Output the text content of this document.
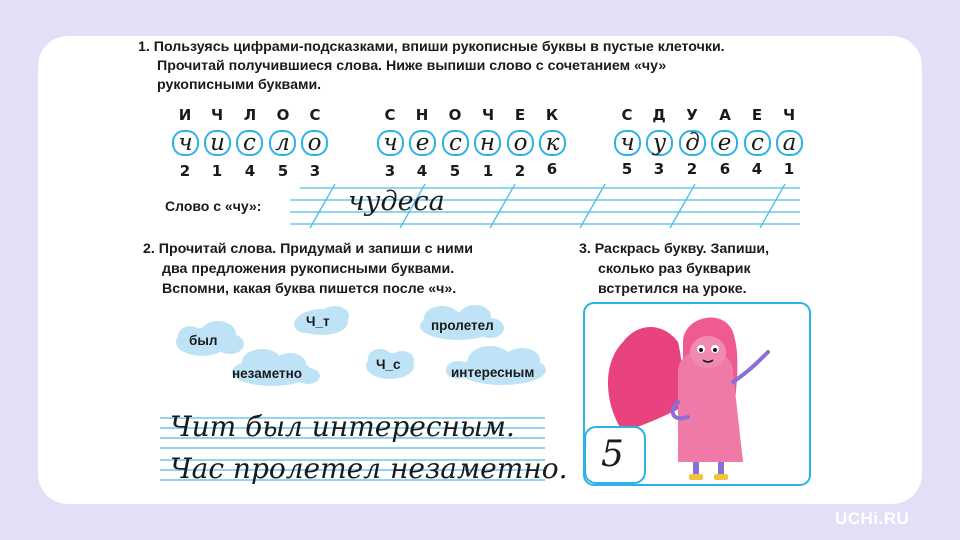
1. Пользуясь цифрами-подсказками, впиши рукописные буквы в пустые клеточки.
Прочитай получившиеся слова. Ниже выпиши слово с сочетанием «чу»
рукописными буквами.
И	Ч	Л	О	С
ч и с л о
2	1	4	5	3
С	Н	О	Ч	Е	К
ч е с н о к
3	4	5	1	2	6
С	Д	У	А	Е	Ч
ч у д е с а
5	3	2	6	4	1
Слово с «чу»:	чудеса
2. Прочитай слова. Придумай и запиши с ними
два предложения рукописными буквами.
Вспомни, какая буква пишется после «ч».
был
Ч_т	пролетел
незаметно
Ч_с
интересным
Чит был интересным.
Час пролетел незаметно.
3. Раскрась букву. Запиши,
сколько раз букварик
встретился на уроке.
5
UCHi.RU
